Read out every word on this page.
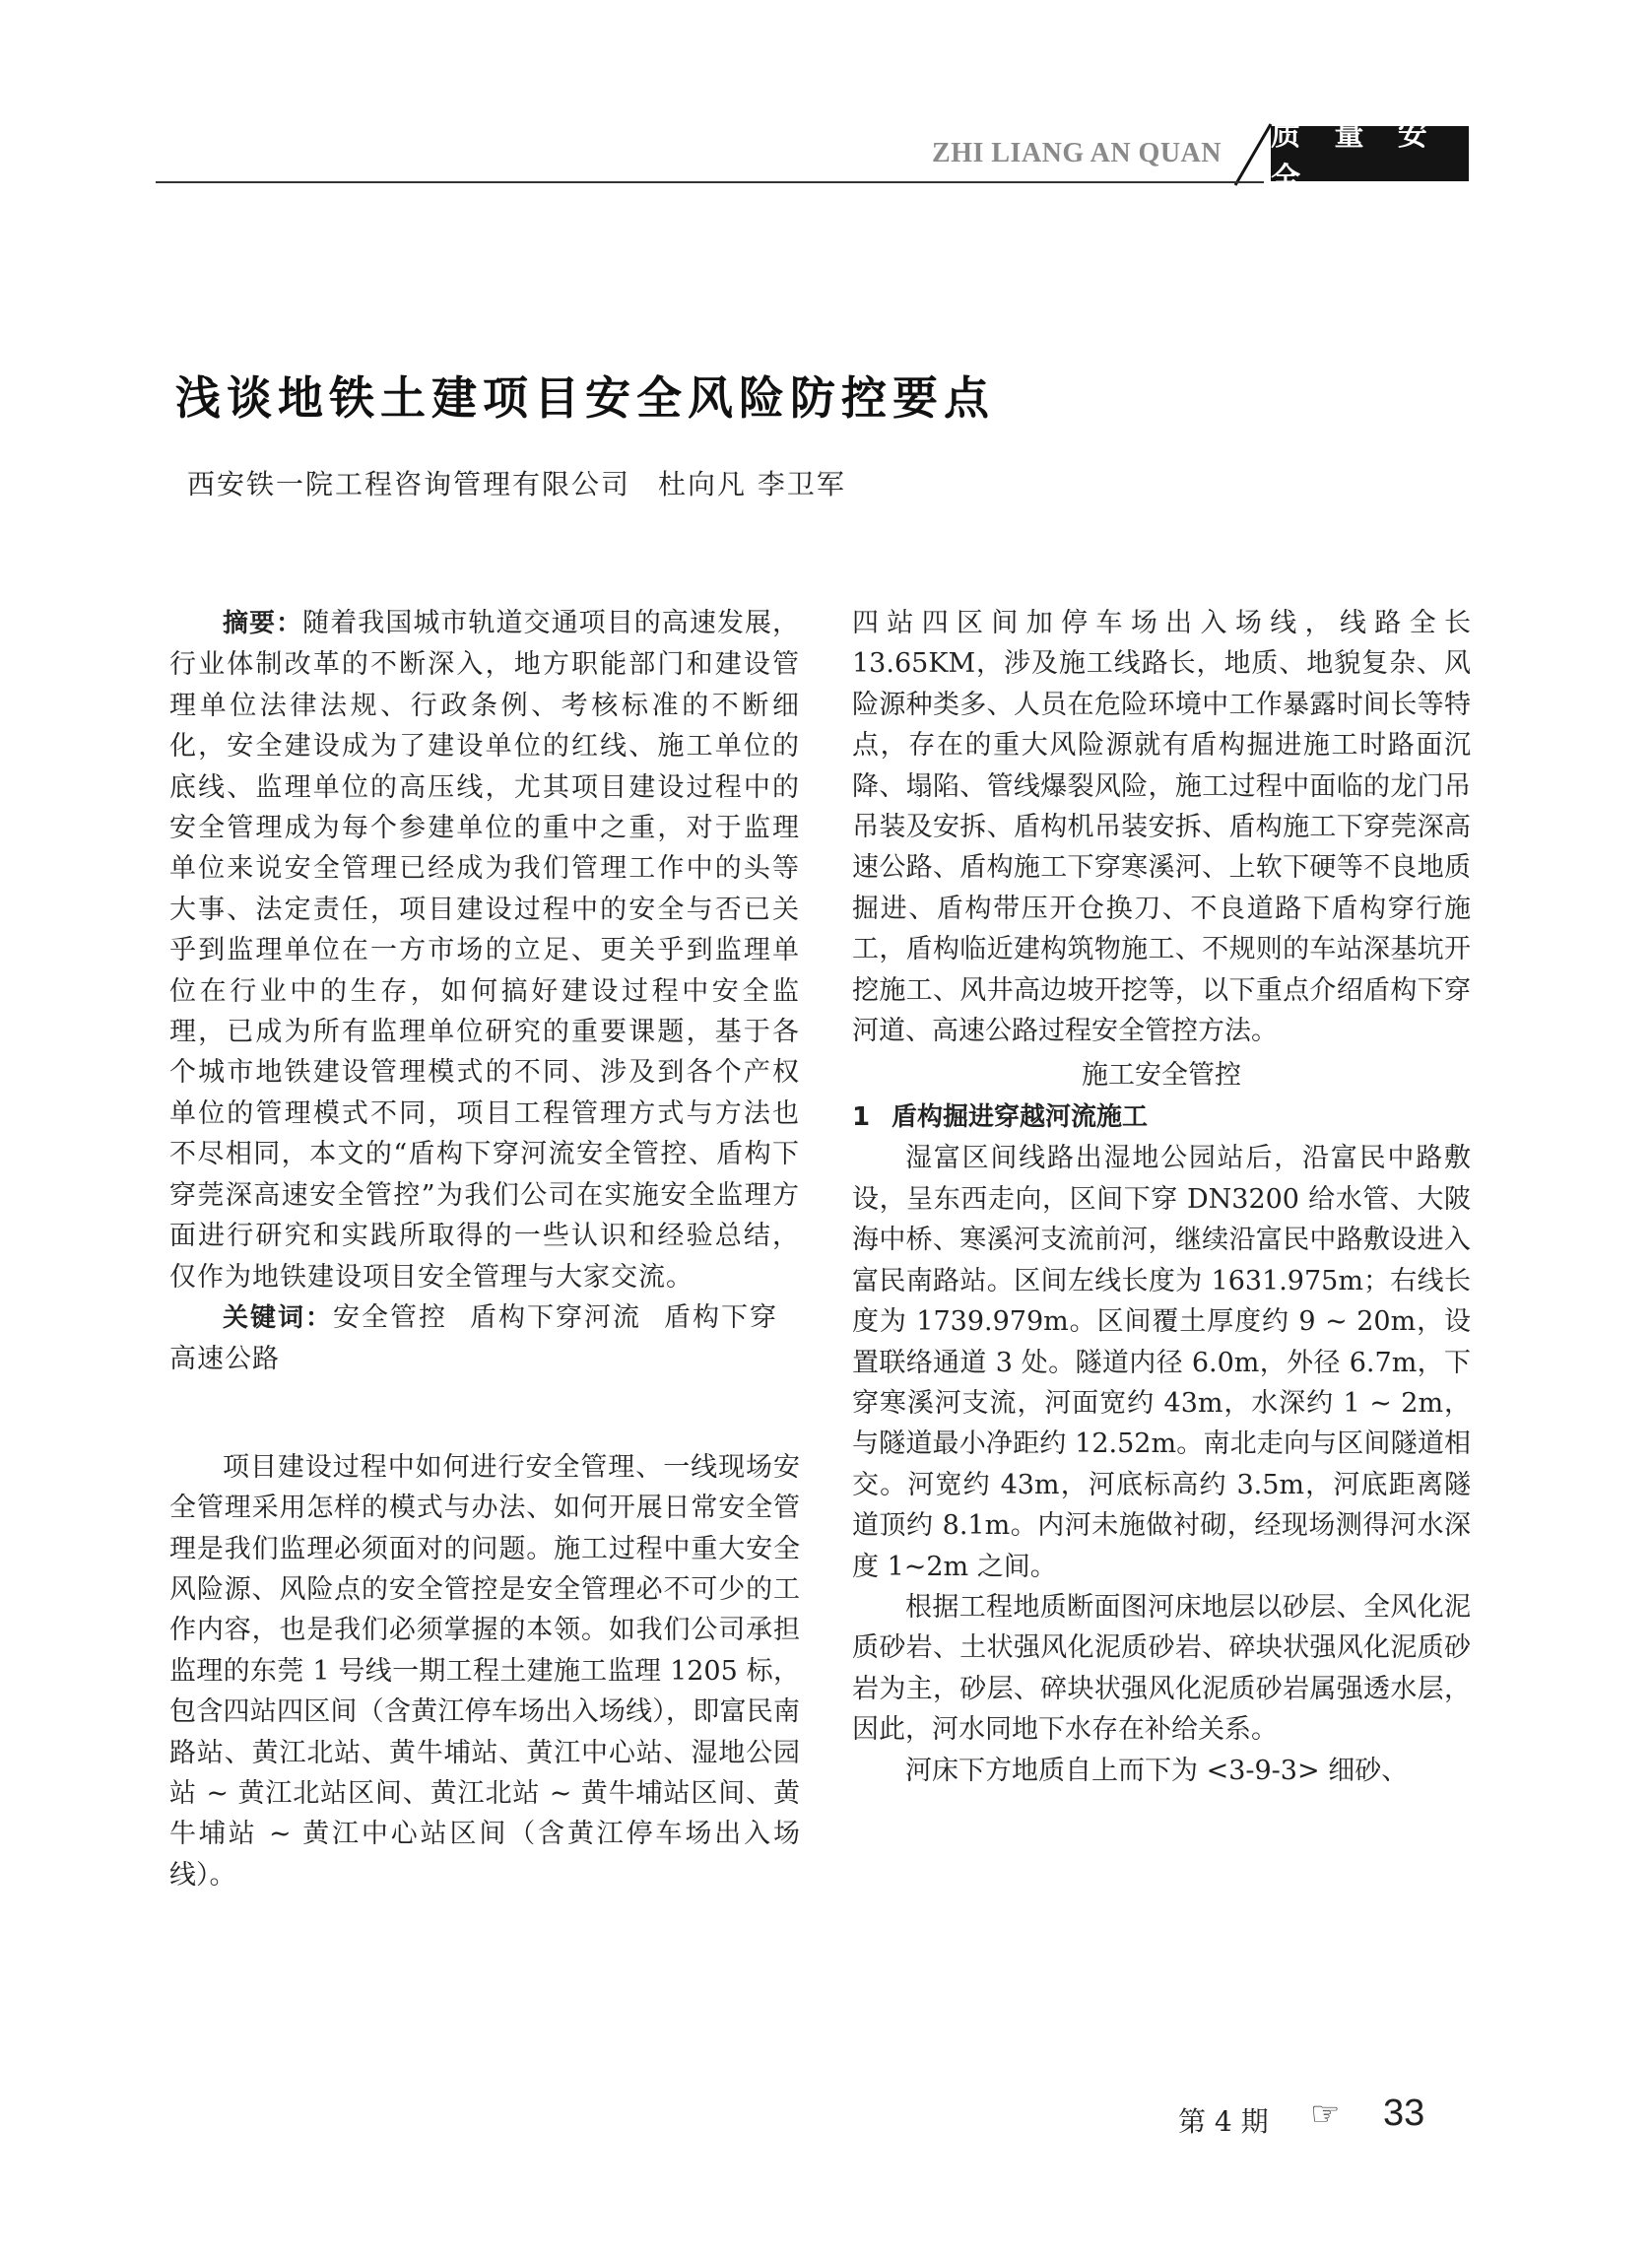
ZHI LIANG AN QUAN
质 量 安 全
浅谈地铁土建项目安全风险防控要点
西安铁一院工程咨询管理有限公司 杜向凡 李卫军

摘要：随着我国城市轨道交通项目的高速发展，行业体制改革的不断深入，地方职能部门和建设管理单位法律法规、行政条例、考核标准的不断细化，安全建设成为了建设单位的红线、施工单位的底线、监理单位的高压线，尤其项目建设过程中的安全管理成为每个参建单位的重中之重，对于监理单位来说安全管理已经成为我们管理工作中的头等大事、法定责任，项目建设过程中的安全与否已关乎到监理单位在一方市场的立足、更关乎到监理单位在行业中的生存，如何搞好建设过程中安全监理，已成为所有监理单位研究的重要课题，基于各个城市地铁建设管理模式的不同、涉及到各个产权单位的管理模式不同，项目工程管理方式与方法也不尽相同，本文的“盾构下穿河流安全管控、盾构下穿莞深高速安全管控”为我们公司在实施安全监理方面进行研究和实践所取得的一些认识和经验总结，仅作为地铁建设项目安全管理与大家交流。

关键词：安全管控 盾构下穿河流 盾构下穿高速公路

项目建设过程中如何进行安全管理、一线现场安全管理采用怎样的模式与办法、如何开展日常安全管理是我们监理必须面对的问题。施工过程中重大安全风险源、风险点的安全管控是安全管理必不可少的工作内容，也是我们必须掌握的本领。如我们公司承担监理的东莞 1 号线一期工程土建施工监理 1205 标，包含四站四区间（含黄江停车场出入场线），即富民南路站、黄江北站、黄牛埔站、黄江中心站、湿地公园站 ~ 黄江北站区间、黄江北站 ~ 黄牛埔站区间、黄牛埔站 ~ 黄江中心站区间（含黄江停车场出入场线）。

四站四区间加停车场出入场线，线路全长 13.65KM，涉及施工线路长，地质、地貌复杂、风险源种类多、人员在危险环境中工作暴露时间长等特点，存在的重大风险源就有盾构掘进施工时路面沉降、塌陷、管线爆裂风险，施工过程中面临的龙门吊吊装及安拆、盾构机吊装安拆、盾构施工下穿莞深高速公路、盾构施工下穿寒溪河、上软下硬等不良地质掘进、盾构带压开仓换刀、不良道路下盾构穿行施工，盾构临近建构筑物施工、不规则的车站深基坑开挖施工、风井高边坡开挖等，以下重点介绍盾构下穿河道、高速公路过程安全管控方法。

施工安全管控
1 盾构掘进穿越河流施工

湿富区间线路出湿地公园站后，沿富民中路敷设，呈东西走向，区间下穿 DN3200 给水管、大陂海中桥、寒溪河支流前河，继续沿富民中路敷设进入富民南路站。区间左线长度为 1631.975m；右线长度为 1739.979m。区间覆土厚度约 9 ~ 20m，设置联络通道 3 处。隧道内径 6.0m，外径 6.7m，下穿寒溪河支流，河面宽约 43m，水深约 1 ~ 2m，与隧道最小净距约 12.52m。南北走向与区间隧道相交。河宽约 43m，河底标高约 3.5m，河底距离隧道顶约 8.1m。内河未施做衬砌，经现场测得河水深度 1~2m 之间。

根据工程地质断面图河床地层以砂层、全风化泥质砂岩、土状强风化泥质砂岩、碎块状强风化泥质砂岩为主，砂层、碎块状强风化泥质砂岩属强透水层，因此，河水同地下水存在补给关系。

河床下方地质自上而下为 <3-9-3> 细砂、

第 4 期 ☞ 33
